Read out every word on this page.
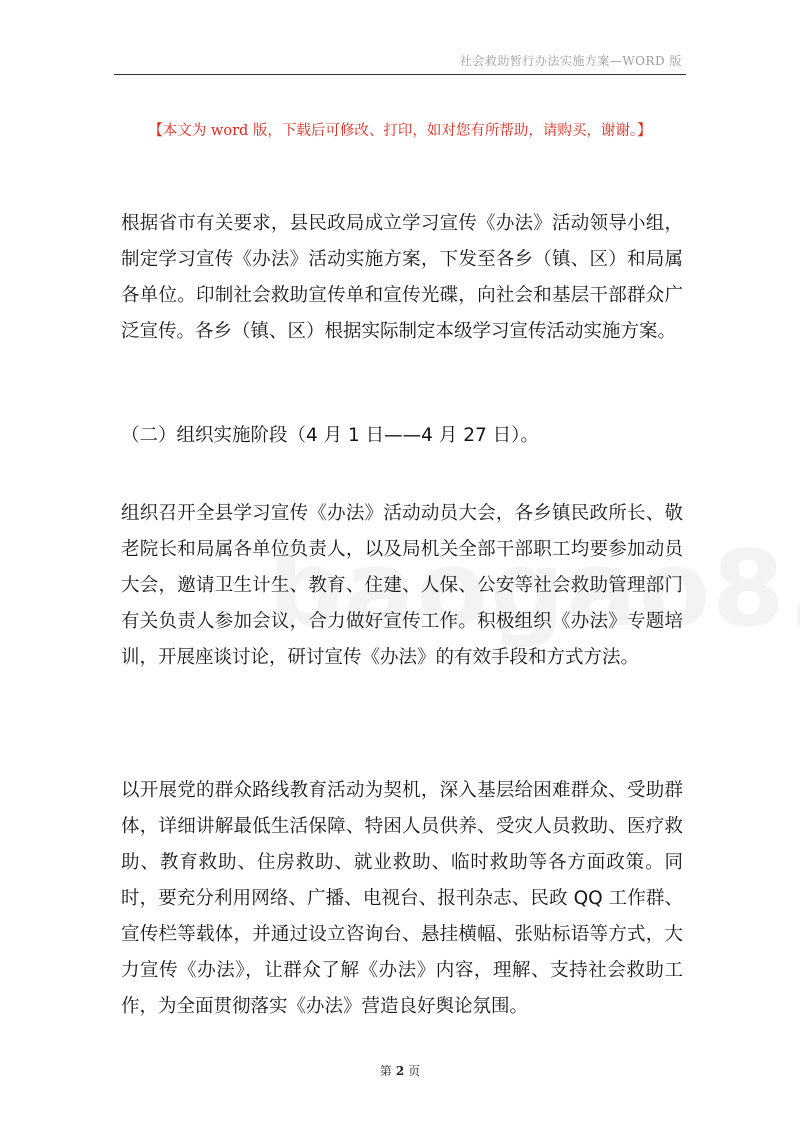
社会救助暂行办法实施方案—WORD 版
【本文为 word 版，下载后可修改、打印，如对您有所帮助，请购买，谢谢。】
根据省市有关要求，县民政局成立学习宣传《办法》活动领导小组，制定学习宣传《办法》活动实施方案，下发至各乡（镇、区）和局属各单位。印制社会救助宣传单和宣传光碟，向社会和基层干部群众广泛宣传。各乡（镇、区）根据实际制定本级学习宣传活动实施方案。
（二）组织实施阶段（4 月 1 日——4 月 27 日）。
组织召开全县学习宣传《办法》活动动员大会，各乡镇民政所长、敬老院长和局属各单位负责人，以及局机关全部干部职工均要参加动员大会，邀请卫生计生、教育、住建、人保、公安等社会救助管理部门有关负责人参加会议，合力做好宣传工作。积极组织《办法》专题培训，开展座谈讨论，研讨宣传《办法》的有效手段和方式方法。
以开展党的群众路线教育活动为契机，深入基层给困难群众、受助群体，详细讲解最低生活保障、特困人员供养、受灾人员救助、医疗救助、教育救助、住房救助、就业救助、临时救助等各方面政策。同时，要充分利用网络、广播、电视台、报刊杂志、民政 QQ 工作群、宣传栏等载体，并通过设立咨询台、悬挂横幅、张贴标语等方式，大力宣传《办法》，让群众了解《办法》内容，理解、支持社会救助工作，为全面贯彻落实《办法》营造良好舆论氛围。
第 2 页
